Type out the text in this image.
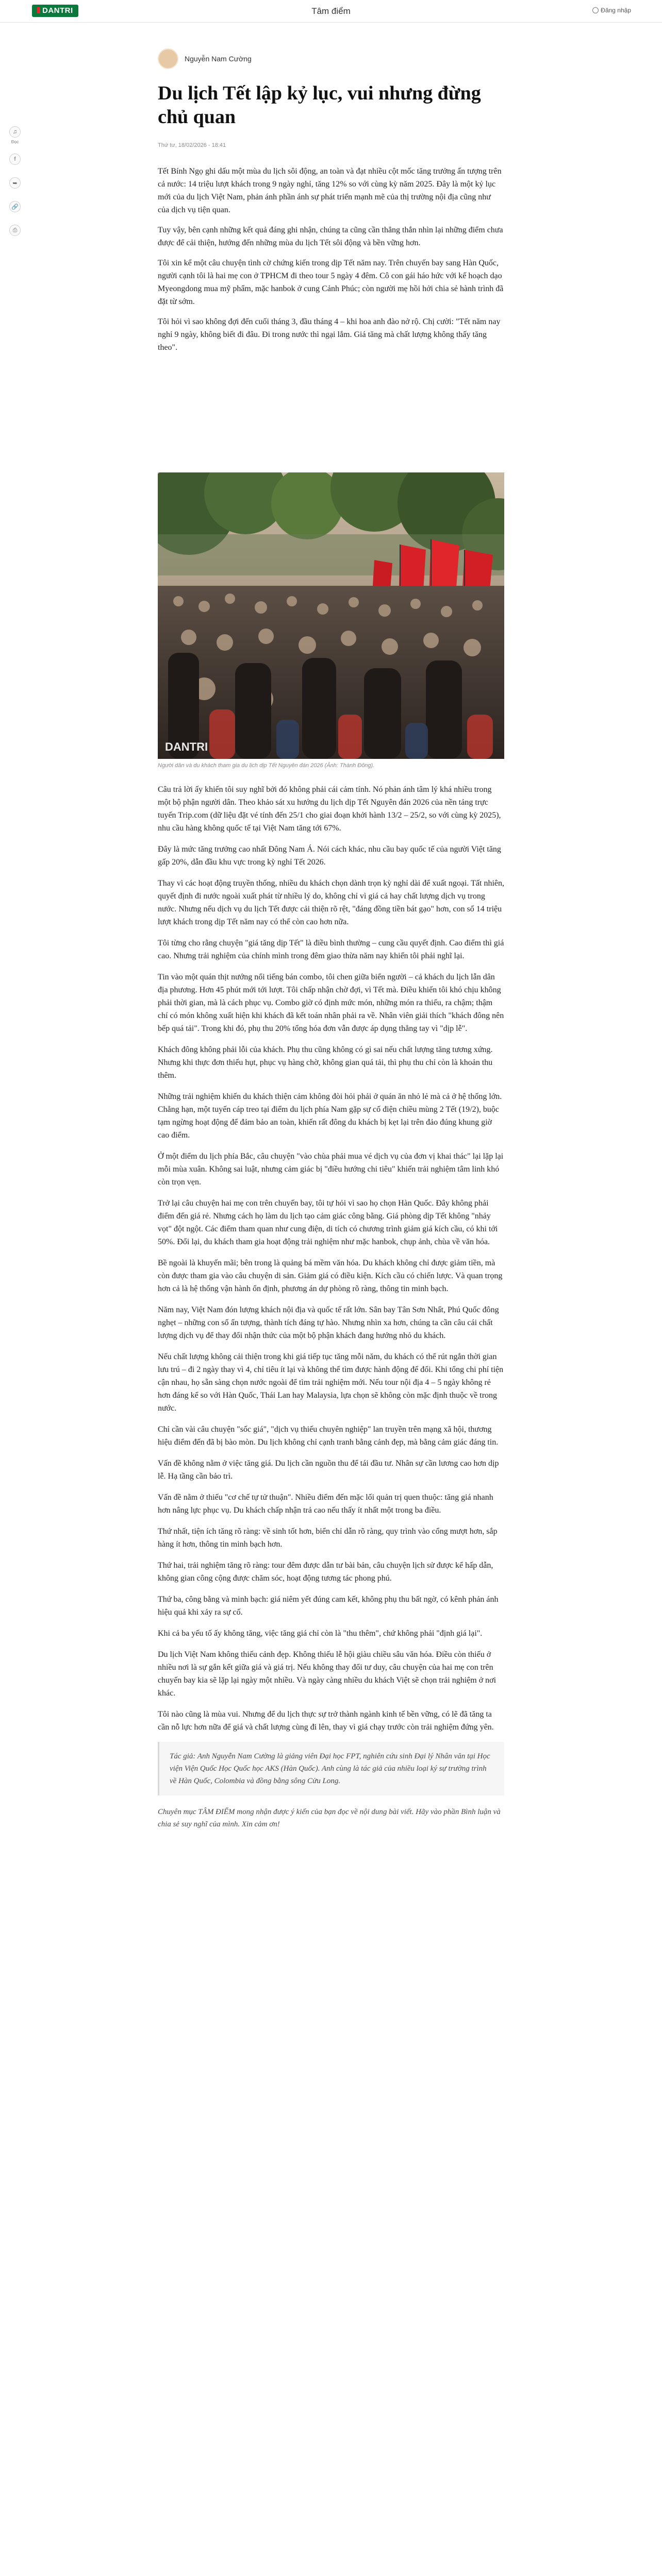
DANTRI	Tâm điểm	Đăng nhập
♫
Đọc
f
➥
🔗
⎙
Nguyễn Nam Cường
Du lịch Tết lập kỷ lục, vui nhưng đừng chủ quan
Thứ tư, 18/02/2026 - 18:41

Tết Bính Ngọ ghi dấu một mùa du lịch sôi động, an toàn và đạt nhiều cột mốc tăng trưởng ấn tượng trên cả nước: 14 triệu lượt khách trong 9 ngày nghỉ, tăng 12% so với cùng kỳ năm 2025. Đây là một kỷ lục mới của du lịch Việt Nam, phản ánh phần ánh sự phát triển mạnh mẽ của thị trường nội địa cũng như của dịch vụ tiện quan.

Tuy vậy, bên cạnh những kết quả đáng ghi nhận, chúng ta cũng cần thẳng thắn nhìn lại những điểm chưa được để cải thiện, hướng đến những mùa du lịch Tết sôi động và bền vững hơn.

Tôi xin kể một câu chuyện tình cờ chứng kiến trong dịp Tết năm nay. Trên chuyến bay sang Hàn Quốc, người cạnh tôi là hai mẹ con ở TPHCM đi theo tour 5 ngày 4 đêm. Cô con gái háo hức với kế hoạch dạo Myeongdong mua mỹ phẩm, mặc hanbok ở cung Cảnh Phúc; còn người mẹ hồi hởi chia sẻ hành trình đã đặt từ sớm.

Tôi hỏi vì sao không đợi đến cuối tháng 3, đầu tháng 4 – khi hoa anh đào nở rộ. Chị cười: "Tết năm nay nghỉ 9 ngày, không biết đi đâu. Đi trong nước thì ngại lắm. Giá tăng mà chất lượng không thấy tăng theo".

DANTRI
Người dân và du khách tham gia du lịch dịp Tết Nguyên đán 2026 (Ảnh: Thành Đông).

Câu trả lời ấy khiến tôi suy nghĩ bởi đó không phải cái cảm tính. Nó phản ánh tâm lý khá nhiều trong một bộ phận người dân. Theo khảo sát xu hướng du lịch dịp Tết Nguyên đán 2026 của nền tảng trực tuyến Trip.com (dữ liệu đặt vé tính đến 25/1 cho giai đoạn khởi hành 13/2 – 25/2, so với cùng kỳ 2025), nhu cầu hàng không quốc tế tại Việt Nam tăng tới 67%.

Đây là mức tăng trưởng cao nhất Đông Nam Á. Nói cách khác, nhu cầu bay quốc tế của người Việt tăng gấp 20%, dẫn đầu khu vực trong kỳ nghỉ Tết 2026.

Thay vì các hoạt động truyền thống, nhiều du khách chọn dành trọn kỳ nghỉ dài để xuất ngoại. Tất nhiên, quyết định đi nước ngoài xuất phát từ nhiều lý do, không chỉ vì giá cả hay chất lượng dịch vụ trong nước. Nhưng nếu dịch vụ du lịch Tết được cải thiện rõ rệt, "đáng đồng tiền bát gạo" hơn, con số 14 triệu lượt khách trong dịp Tết năm nay có thể còn cao hơn nữa.

Tôi từng cho rằng chuyện "giá tăng dịp Tết" là điều bình thường – cung cầu quyết định. Cao điểm thì giá cao. Nhưng trải nghiệm của chính mình trong đêm giao thừa năm nay khiến tôi phải nghĩ lại.

Tin vào một quán thịt nướng nổi tiếng bán combo, tôi chen giữa biển người – cả khách du lịch lẫn dân địa phương. Hơn 45 phút mới tới lượt. Tôi chấp nhận chờ đợi, vì Tết mà. Điều khiến tôi khó chịu không phải thời gian, mà là cách phục vụ. Combo giờ có định mức món, những món ra thiếu, ra chậm; thậm chí có món không xuất hiện khi khách đã kết toán nhân phải ra về. Nhân viên giải thích "khách đông nên bếp quá tải". Trong khi đó, phụ thu 20% tổng hóa đơn vẫn được áp dụng thẳng tay vì "dịp lễ".

Khách đông không phải lỗi của khách. Phụ thu cũng không có gì sai nếu chất lượng tăng tương xứng. Nhưng khi thực đơn thiếu hụt, phục vụ hàng chờ, không gian quá tải, thì phụ thu chỉ còn là khoản thu thêm.

Những trải nghiệm khiến du khách thiện cảm không đòi hỏi phải ở quán ăn nhỏ lẻ mà cả ở hệ thống lớn. Chẳng hạn, một tuyến cáp treo tại điểm du lịch phía Nam gặp sự cố điện chiều mùng 2 Tết (19/2), buộc tạm ngừng hoạt động để đảm bảo an toàn, khiến rất đông du khách bị kẹt lại trên đảo đúng khung giờ cao điểm.

Ở một điểm du lịch phía Bắc, câu chuyện "vào chùa phải mua vé dịch vụ của đơn vị khai thác" lại lặp lại mỗi mùa xuân. Không sai luật, nhưng cảm giác bị "điều hướng chi tiêu" khiến trải nghiệm tâm linh khó còn trọn vẹn.

Trở lại câu chuyện hai mẹ con trên chuyến bay, tôi tự hỏi vì sao họ chọn Hàn Quốc. Đây không phải điểm đến giá rẻ. Nhưng cách họ làm du lịch tạo cảm giác công bằng. Giá phòng dịp Tết không "nhảy vọt" đột ngột. Các điểm tham quan như cung điện, di tích có chương trình giảm giá kích cầu, có khi tới 50%. Đổi lại, du khách tham gia hoạt động trải nghiệm như mặc hanbok, chụp ảnh, chùa về văn hóa.

Bề ngoài là khuyến mãi; bên trong là quảng bá mềm văn hóa. Du khách không chỉ được giảm tiền, mà còn được tham gia vào câu chuyện di sản. Giảm giá có điều kiện. Kích cầu có chiến lược. Và quan trọng hơn cả là hệ thống vận hành ổn định, phương án dự phòng rõ ràng, thông tin minh bạch.

Năm nay, Việt Nam đón lượng khách nội địa và quốc tế rất lớn. Sân bay Tân Sơn Nhất, Phú Quốc đông nghẹt – những con số ấn tượng, thành tích đáng tự hào. Nhưng nhìn xa hơn, chúng ta cần câu cái chất lượng dịch vụ để thay đổi nhận thức của một bộ phận khách đang hướng nhỏ du khách.

Nếu chất lượng không cải thiện trong khi giá tiếp tục tăng mỗi năm, du khách có thể rút ngắn thời gian lưu trú – đi 2 ngày thay vì 4, chỉ tiêu ít lại và không thể tìm được hành động để đổi. Khi tổng chi phí tiện cận nhau, họ sẵn sàng chọn nước ngoài để tìm trải nghiệm mới. Nếu tour nội địa 4 – 5 ngày không rẻ hơn đáng kể so với Hàn Quốc, Thái Lan hay Malaysia, lựa chọn sẽ không còn mặc định thuộc về trong nước.

Chỉ cần vài câu chuyện "sốc giá", "dịch vụ thiếu chuyên nghiệp" lan truyền trên mạng xã hội, thương hiệu điểm đến đã bị bào mòn. Du lịch không chỉ cạnh tranh bằng cảnh đẹp, mà bằng cảm giác đáng tin.

Vấn đề không nằm ở việc tăng giá. Du lịch cần nguồn thu để tái đầu tư. Nhân sự cần lương cao hơn dịp lễ. Hạ tầng cần bảo trì.

Vấn đề nằm ở thiếu "cơ chế tự tử thuận". Nhiều điểm đến mặc lối quản trị quen thuộc: tăng giá nhanh hơn nâng lực phục vụ. Du khách chấp nhận trả cao nếu thấy ít nhất một trong ba điều.

Thứ nhất, tiện ích tăng rõ ràng: về sinh tốt hơn, biển chỉ dẫn rõ ràng, quy trình vào cổng mượt hơn, sắp hàng ít hơn, thông tin minh bạch hơn.

Thứ hai, trải nghiệm tăng rõ ràng: tour đêm được dẫn tư bài bản, câu chuyện lịch sử được kể hấp dẫn, không gian công cộng được chăm sóc, hoạt động tương tác phong phú.

Thứ ba, công bằng và minh bạch: giá niêm yết đúng cam kết, không phụ thu bất ngờ, có kênh phản ánh hiệu quả khi xảy ra sự cố.

Khi cả ba yếu tố ấy không tăng, việc tăng giá chỉ còn là "thu thêm", chứ không phải "định giá lại".

Du lịch Việt Nam không thiếu cảnh đẹp. Không thiếu lễ hội giàu chiều sâu văn hóa. Điều còn thiếu ở nhiều nơi là sự gắn kết giữa giá và giá trị. Nếu không thay đổi tư duy, câu chuyện của hai mẹ con trên chuyến bay kia sẽ lặp lại ngày một nhiều. Và ngày càng nhiều du khách Việt sẽ chọn trải nghiệm ở nơi khác.

Tôi nào cũng là mùa vui. Nhưng để du lịch thực sự trở thành ngành kinh tế bền vững, có lẽ đã tăng ta cần nỗ lực hơn nữa để giá và chất lượng cùng đi lên, thay vì giá chạy trước còn trải nghiệm đứng yên.

Tác giả: Anh Nguyễn Nam Cường là giảng viên Đại học FPT, nghiên cứu sinh Đại lý Nhân văn tại Học viện Viện Quốc Học Quốc học AKS (Hàn Quốc). Anh cùng là tác giả của nhiều loại ký sự trường trình về Hàn Quốc, Colombia và đồng bằng sông Cửu Long.

Chuyên mục TÂM ĐIỂM mong nhận được ý kiến của bạn đọc về nội dung bài viết. Hãy vào phần Bình luận và chia sẻ suy nghĩ của mình. Xin cảm ơn!
